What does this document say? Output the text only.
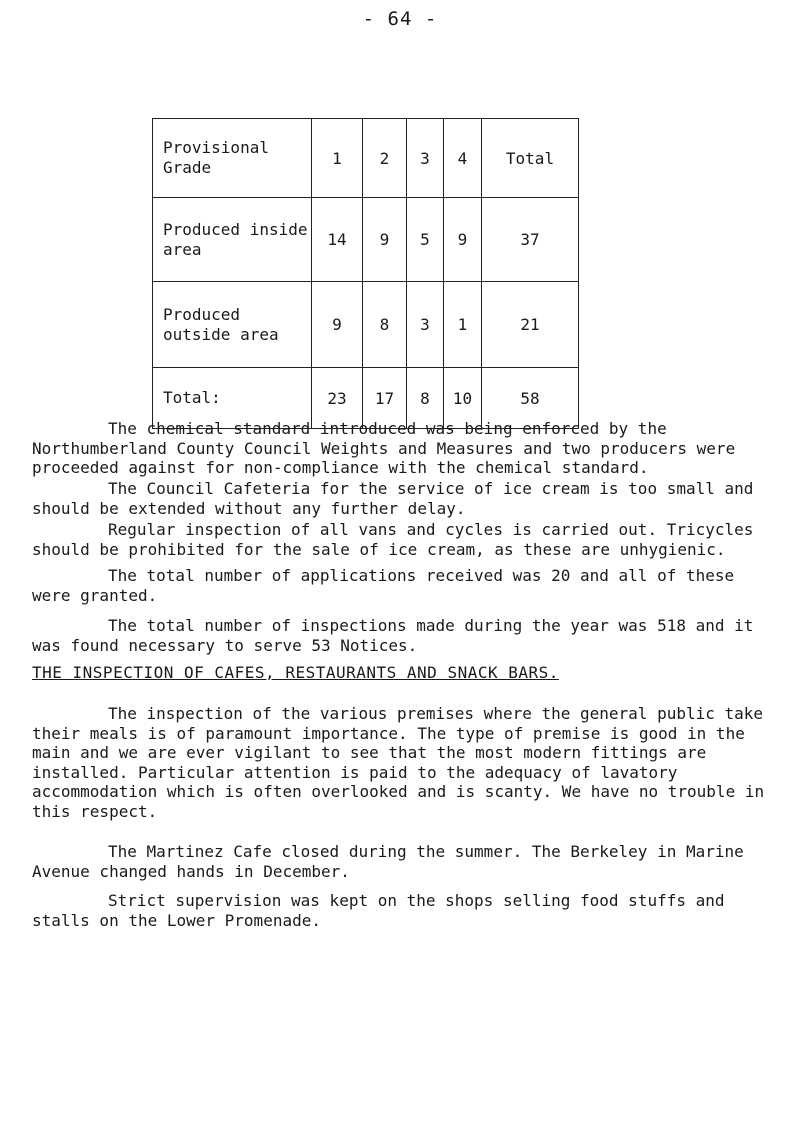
- 64 -
Provisional Grade	1	2	3	4	Total
Produced inside area	14	9	5	9	37
Produced outside area	9	8	3	1	21
Total:	23	17	8	10	58
The chemical standard introduced was being enforced by the Northumberland County Council Weights and Measures and two producers were proceeded against for non-compliance with the chemical standard.
The Council Cafeteria for the service of ice cream is too small and should be extended without any further delay.
Regular inspection of all vans and cycles is carried out. Tricycles should be prohibited for the sale of ice cream, as these are unhygienic.
The total number of applications received was 20 and all of these were granted.
The total number of inspections made during the year was 518 and it was found necessary to serve 53 Notices.
THE INSPECTION OF CAFES, RESTAURANTS AND SNACK BARS.
The inspection of the various premises where the general public take their meals is of paramount importance. The type of premise is good in the main and we are ever vigilant to see that the most modern fittings are installed. Particular attention is paid to the adequacy of lavatory accommodation which is often overlooked and is scanty. We have no trouble in this respect.
The Martinez Cafe closed during the summer. The Berkeley in Marine Avenue changed hands in December.
Strict supervision was kept on the shops selling food stuffs and stalls on the Lower Promenade.
